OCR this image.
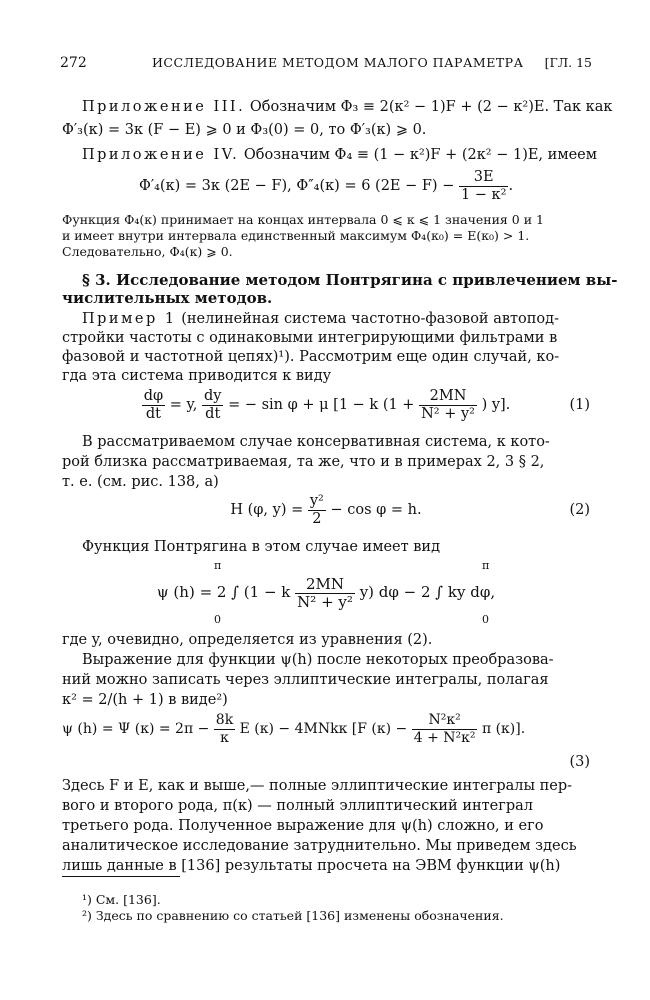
272	ИССЛЕДОВАНИЕ МЕТОДОМ МАЛОГО ПАРАМЕТРА [ГЛ. 15
Приложение III. Обозначим Φ₃ ≡ 2(κ² − 1)F + (2 − κ²)E. Так как
Φ′₃(κ) = 3κ (F − E) ⩾ 0 и Φ₃(0) = 0, то Φ′₃(κ) ⩾ 0.
Приложение IV. Обозначим Φ₄ ≡ (1 − κ²)F + (2κ² − 1)E, имеем
Φ′₄(κ) = 3κ (2E − F), Φ″₄(κ) = 6 $(2E - F) - \frac{3E}{\text{1 − κ²}}$ .
Функция Φ₄(κ) принимает на концах интервала 0 ⩽ κ ⩽ 1 значения 0 и 1
и имеет внутри интервала единственный максимум Φ₄(κ₀) = E(κ₀) > 1.
Следовательно, Φ₄(κ) ⩾ 0.
§ 3. Исследование методом Понтрягина с привлечением вы-
числительных методов.
Пример 1 (нелинейная система частотно-фазовой автопод-
стройки частоты с одинаковыми интегрирующими фильтрами в
фазовой и частотной цепях)¹). Рассмотрим еще один случай, ко-
гда эта система приводится к виду
$\frac{d\varphi}{dt} = y$, $\frac{dy}{dt}$ = − sin φ + μ [1 − k ($1 + \frac{2MN}{\text{N² + y²}}$ ) y].	(1)
В рассматриваемом случае консервативная система, к кото-
рой близка рассматриваемая, та же, что и в примерах 2, 3 § 2,
т. е. (см. рис. 138, а)
H (φ, $y) = \frac{\text{y²}}{2} - \cos \varphi = h$.	(2)
Функция Понтрягина в этом случае имеет вид
π	π
ψ (h) = 2 ∫ (1 − k $\frac{2MN}{\text{N² + y²}} y$) dφ − 2 ∫ ky dφ,
0	0
где y, очевидно, определяется из уравнения (2).
Выражение для функции ψ(h) после некоторых преобразова-
ний можно записать через эллиптические интегралы, полагая
κ² = 2/(h + 1) в виде²)
ψ (h) = Ψ $(\kappa) = 2\pi - \frac{8k}{\kappa}$ E (κ) − 4MNkκ [F $(\kappa) - \frac{\text{N²κ²}}{\text{4 + N²κ²}}$ π (κ)].
(3)
Здесь F и E, как и выше,— полные эллиптические интегралы пер-
вого и второго рода, π(κ) — полный эллиптический интеграл
третьего рода. Полученное выражение для ψ(h) сложно, и его
аналитическое исследование затруднительно. Мы приведем здесь
лишь данные в [136] результаты просчета на ЭВМ функции ψ(h)
¹) См. [136].
²) Здесь по сравнению со статьей [136] изменены обозначения.
